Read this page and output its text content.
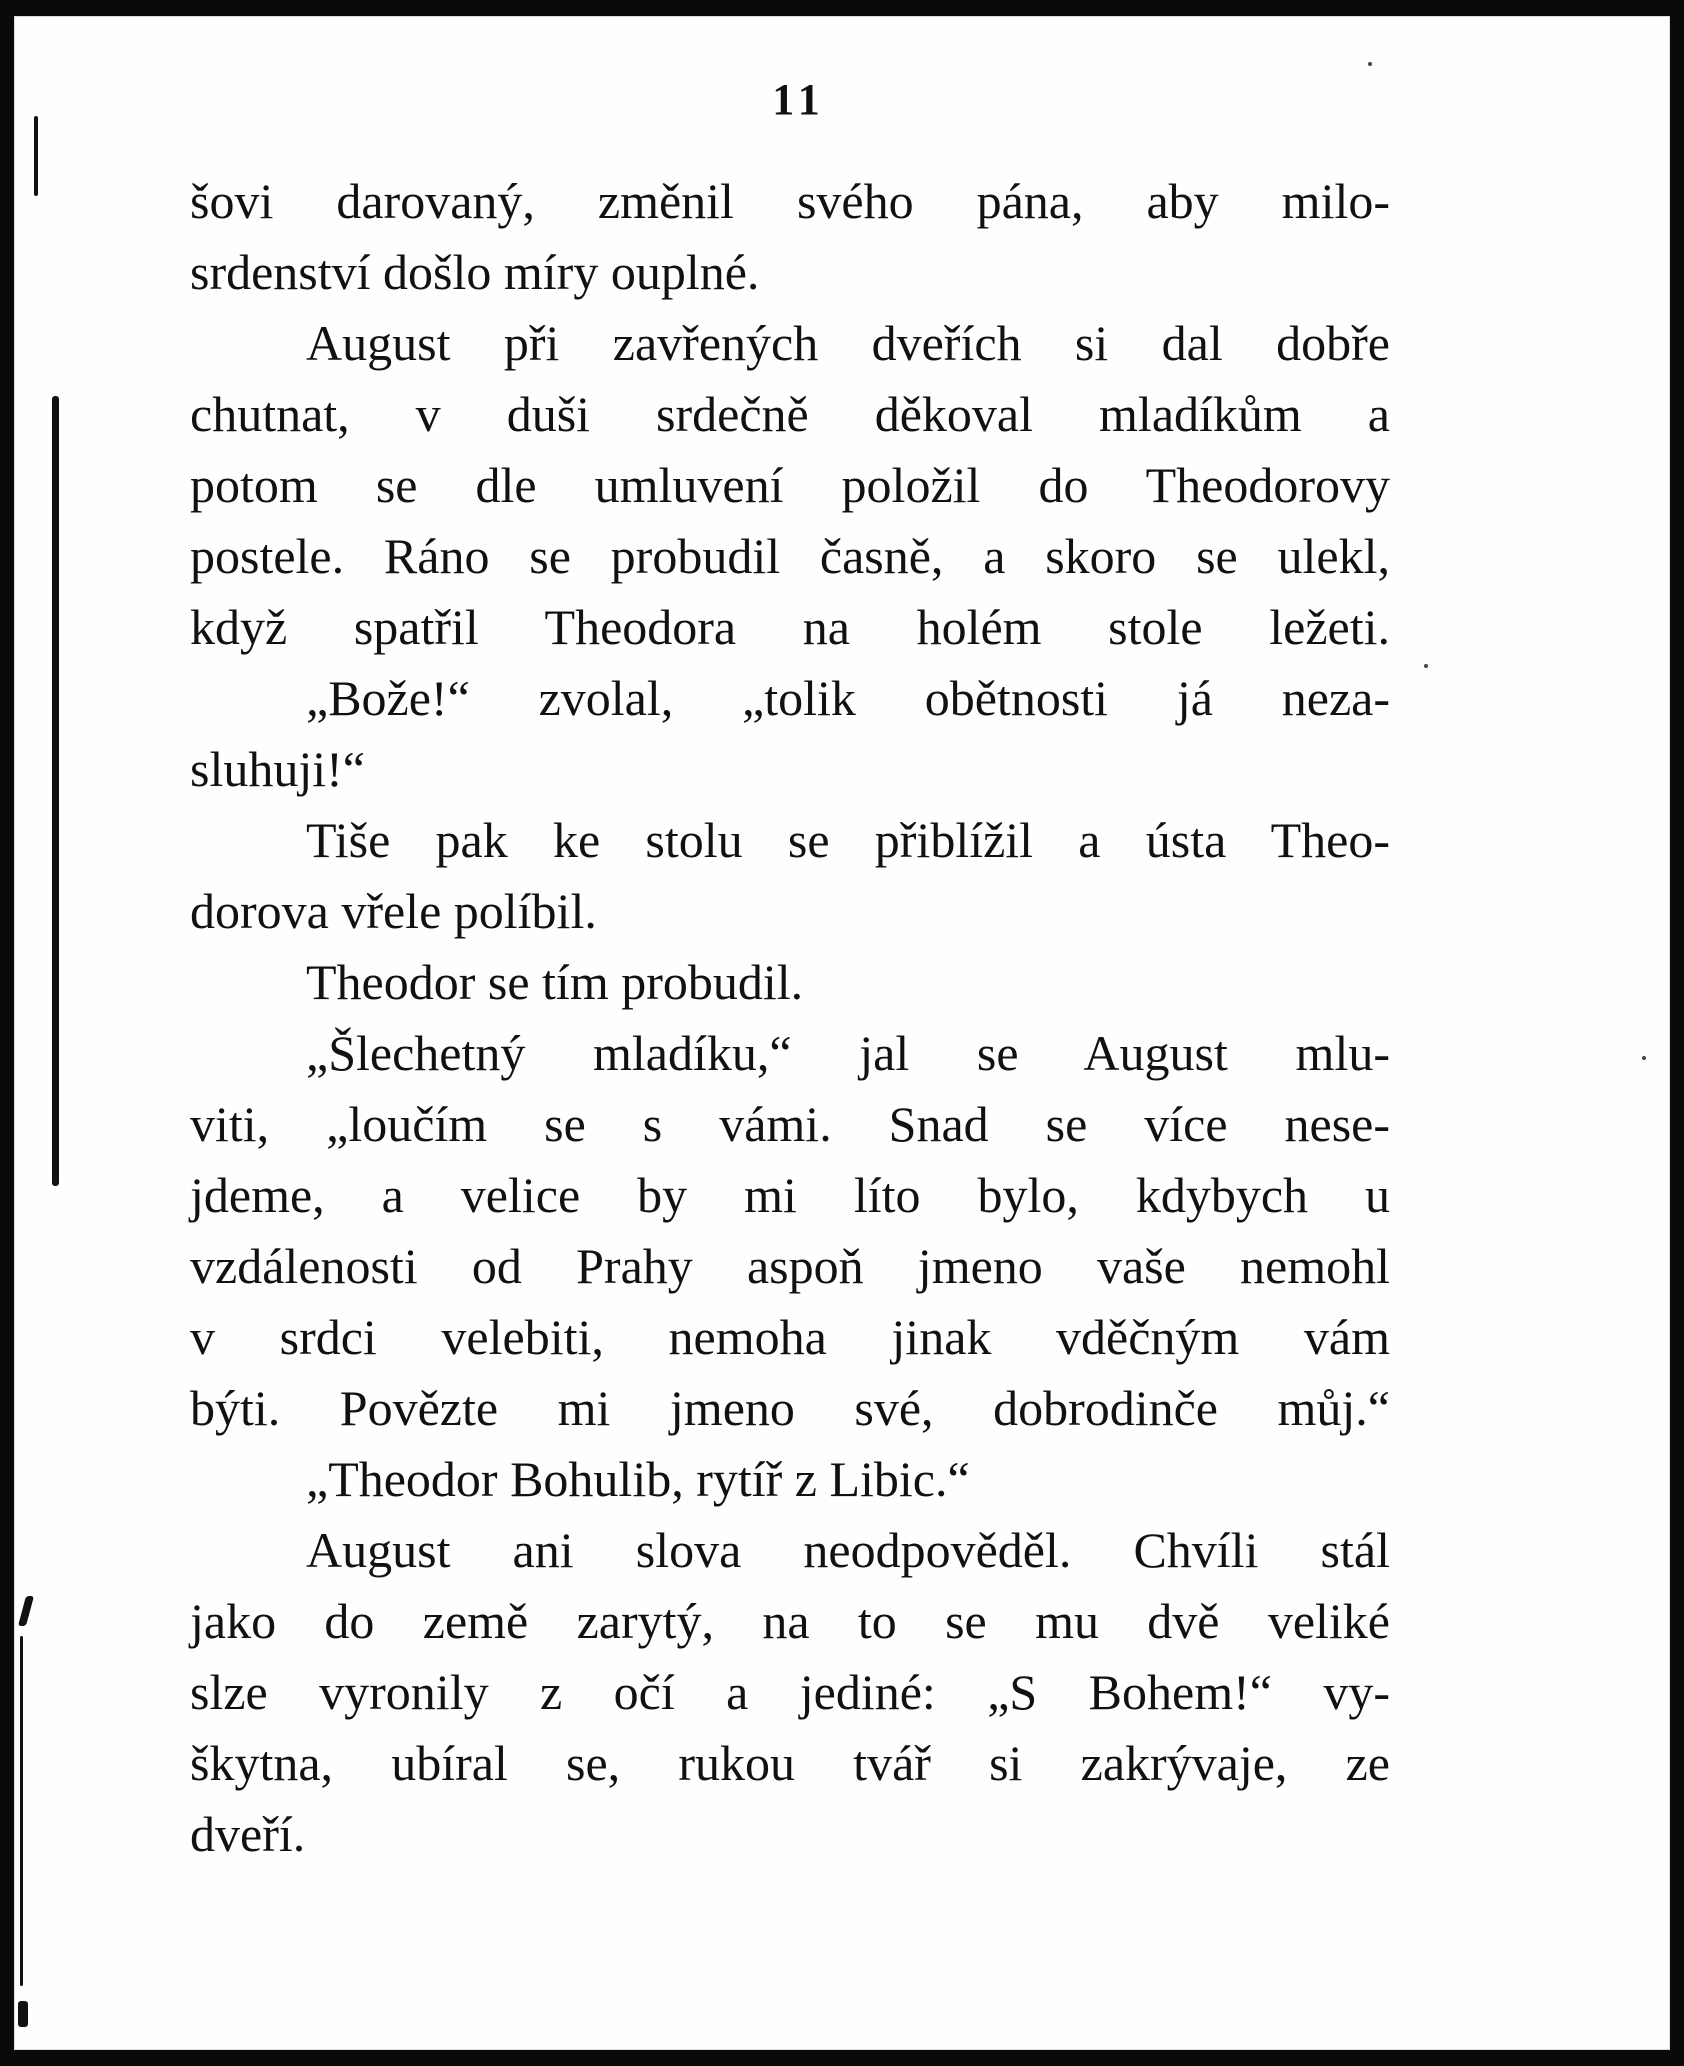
11
šovi darovaný, změnil svého pána, aby milo-
srdenství došlo míry ouplné.
August při zavřených dveřích si dal dobře
chutnat, v duši srdečně děkoval mladíkům a
potom se dle umluvení položil do Theodorovy
postele. Ráno se probudil časně, a skoro se ulekl,
když spatřil Theodora na holém stole ležeti.
„Bože!“ zvolal, „tolik obětnosti já neza-
sluhuji!“
Tiše pak ke stolu se přiblížil a ústa Theo-
dorova vřele políbil.
Theodor se tím probudil.
„Šlechetný mladíku,“ jal se August mlu-
viti, „loučím se s vámi. Snad se více nese-
jdeme, a velice by mi líto bylo, kdybych u
vzdálenosti od Prahy aspoň jmeno vaše nemohl
v srdci velebiti, nemoha jinak vděčným vám
býti. Povězte mi jmeno své, dobrodinče můj.“
„Theodor Bohulib, rytíř z Libic.“
August ani slova neodpověděl. Chvíli stál
jako do země zarytý, na to se mu dvě veliké
slze vyronily z očí a jediné: „S Bohem!“ vy-
škytna, ubíral se, rukou tvář si zakrývaje, ze
dveří.
